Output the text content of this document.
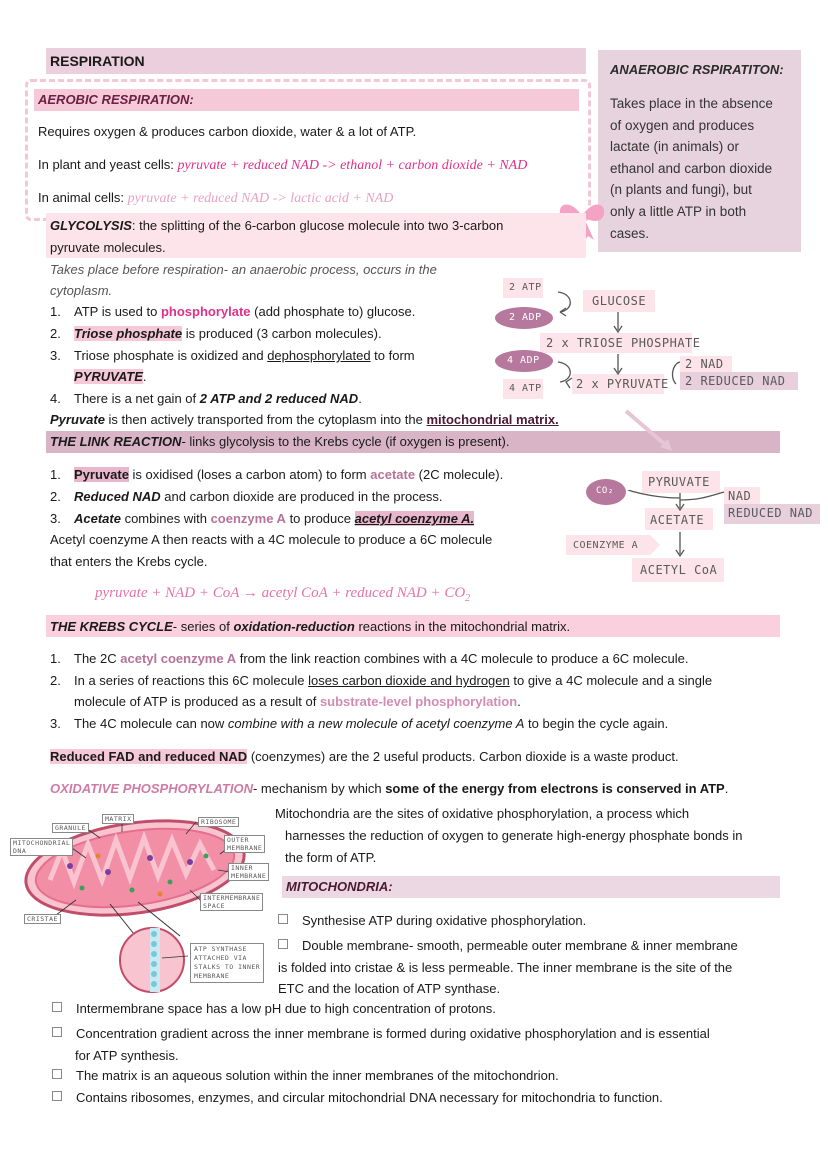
RESPIRATION
AEROBIC RESPIRATION:
Requires oxygen & produces carbon dioxide, water & a lot of ATP.
In plant and yeast cells: pyruvate + reduced NAD -> ethanol + carbon dioxide + NAD
In animal cells: pyruvate + reduced NAD -> lactic acid + NAD
ANAEROBIC RSPIRATITON:
Takes place in the absence
of oxygen and produces
lactate (in animals) or
ethanol and carbon dioxide
(n plants and fungi), but
only a little ATP in both
cases.
GLYCOLYSIS: the splitting of the 6-carbon glucose molecule into two 3-carbon
pyruvate molecules.
Takes place before respiration- an anaerobic process, occurs in the
cytoplasm.
1. ATP is used to phosphorylate (add phosphate to) glucose.
2. Triose phosphate is produced (3 carbon molecules).
3. Triose phosphate is oxidized and dephosphorylated to form
PYRUVATE.
4. There is a net gain of 2 ATP and 2 reduced NAD.
Pyruvate is then actively transported from the cytoplasm into the mitochondrial matrix.
2 ATP
2 ADP
GLUCOSE
2 x TRIOSE PHOSPHATE
4 ADP
4 ATP	2 x PYRUVATE
2 NAD
2 REDUCED NAD
THE LINK REACTION- links glycolysis to the Krebs cycle (if oxygen is present).
1. Pyruvate is oxidised (loses a carbon atom) to form acetate (2C molecule).
2. Reduced NAD and carbon dioxide are produced in the process.
3. Acetate combines with coenzyme A to produce acetyl coenzyme A.
Acetyl coenzyme A then reacts with a 4C molecule to produce a 6C molecule
that enters the Krebs cycle.
pyruvate + NAD + CoA → acetyl CoA + reduced NAD + $CO_2$
CO₂
PYRUVATE
ACETATE
NAD
REDUCED NAD
COENZYME A
ACETYL CoA
THE KREBS CYCLE- series of oxidation-reduction reactions in the mitochondrial matrix.
1. The 2C acetyl coenzyme A from the link reaction combines with a 4C molecule to produce a 6C molecule.
2. In a series of reactions this 6C molecule loses carbon dioxide and hydrogen to give a 4C molecule and a single
molecule of ATP is produced as a result of substrate-level phosphorylation.
3. The 4C molecule can now combine with a new molecule of acetyl coenzyme A to begin the cycle again.
Reduced FAD and reduced NAD (coenzymes) are the 2 useful products. Carbon dioxide is a waste product.
OXIDATIVE PHOSPHORYLATION- mechanism by which some of the energy from electrons is conserved in ATP.
Mitochondria are the sites of oxidative phosphorylation, a process which
harnesses the reduction of oxygen to generate high-energy phosphate bonds in
the form of ATP.
MATRIX
GRANULE
RIBOSOME
MITOCHONDRIAL
DNA
OUTER
MEMBRANE
INNER
MEMBRANE
INTERMEMBRANE
SPACE
CRISTAE
ATP SYNTHASE
ATTACHED VIA
STALKS TO INNER
MEMBRANE
MITOCHONDRIA:
Synthesise ATP during oxidative phosphorylation.
Double membrane- smooth, permeable outer membrane & inner membrane
is folded into cristae & is less permeable. The inner membrane is the site of the
ETC and the location of ATP synthase.
Intermembrane space has a low pH due to high concentration of protons.
Concentration gradient across the inner membrane is formed during oxidative phosphorylation and is essential
for ATP synthesis.
The matrix is an aqueous solution within the inner membranes of the mitochondrion.
Contains ribosomes, enzymes, and circular mitochondrial DNA necessary for mitochondria to function.
